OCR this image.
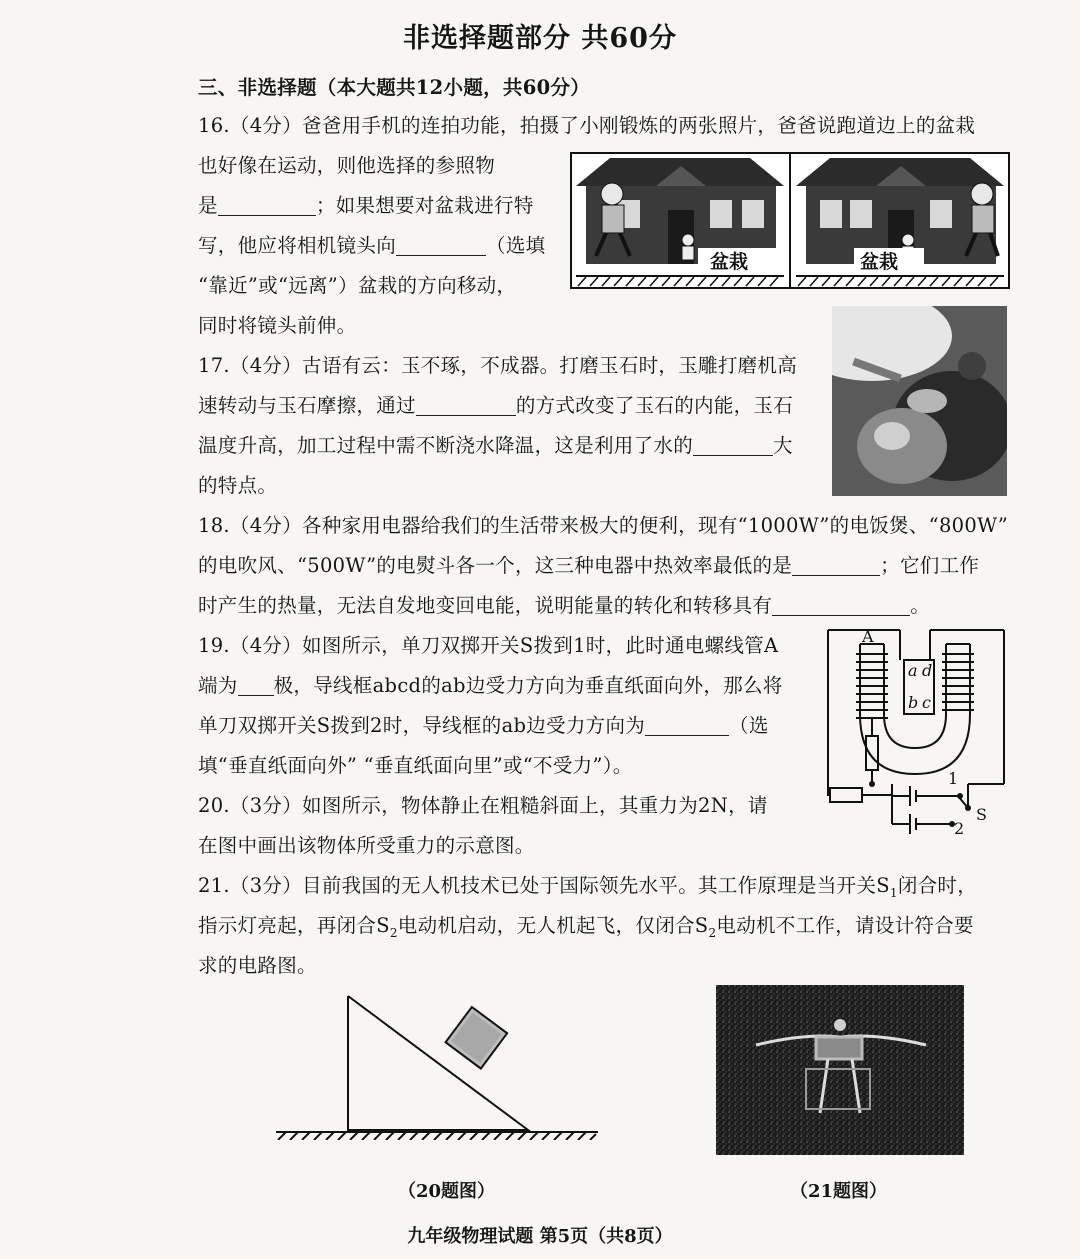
非选择题部分 共60分
三、非选择题（本大题共12小题，共60分）
16.（4分）爸爸用手机的连拍功能，拍摄了小刚锻炼的两张照片，爸爸说跑道边上的盆栽
也好像在运动，则他选择的参照物
是	；如果想要对盆栽进行特
写，他应将相机镜头向	（选填
“靠近”或“远离”）盆栽的方向移动，
同时将镜头前伸。
盆栽	盆栽
17.（4分）古语有云：玉不琢，不成器。打磨玉石时，玉雕打磨机高
速转动与玉石摩擦，通过	的方式改变了玉石的内能，玉石
温度升高，加工过程中需不断浇水降温，这是利用了水的	大
的特点。
18.（4分）各种家用电器给我们的生活带来极大的便利，现有“1000W”的电饭煲、“800W”
的电吹风、“500W”的电熨斗各一个，这三种电器中热效率最低的是	；它们工作
时产生的热量，无法自发地变回电能，说明能量的转化和转移具有	。
19.（4分）如图所示，单刀双掷开关S拨到1时，此时通电螺线管A
端为 极，导线框abcd的ab边受力方向为垂直纸面向外，那么将
单刀双掷开关S拨到2时，导线框的ab边受力方向为	（选
填“垂直纸面向外” “垂直纸面向里”或“不受力”）。
A
a d
b c
1
2
S
20.（3分）如图所示，物体静止在粗糙斜面上，其重力为2N，请
在图中画出该物体所受重力的示意图。
21.（3分）目前我国的无人机技术已处于国际领先水平。其工作原理是当开关$S_1$闭合时，
指示灯亮起，再闭合$S_2$电动机启动，无人机起飞，仅闭合$S_2$电动机不工作，请设计符合要
求的电路图。
（20题图）	（21题图）
九年级物理试题 第5页（共8页）
